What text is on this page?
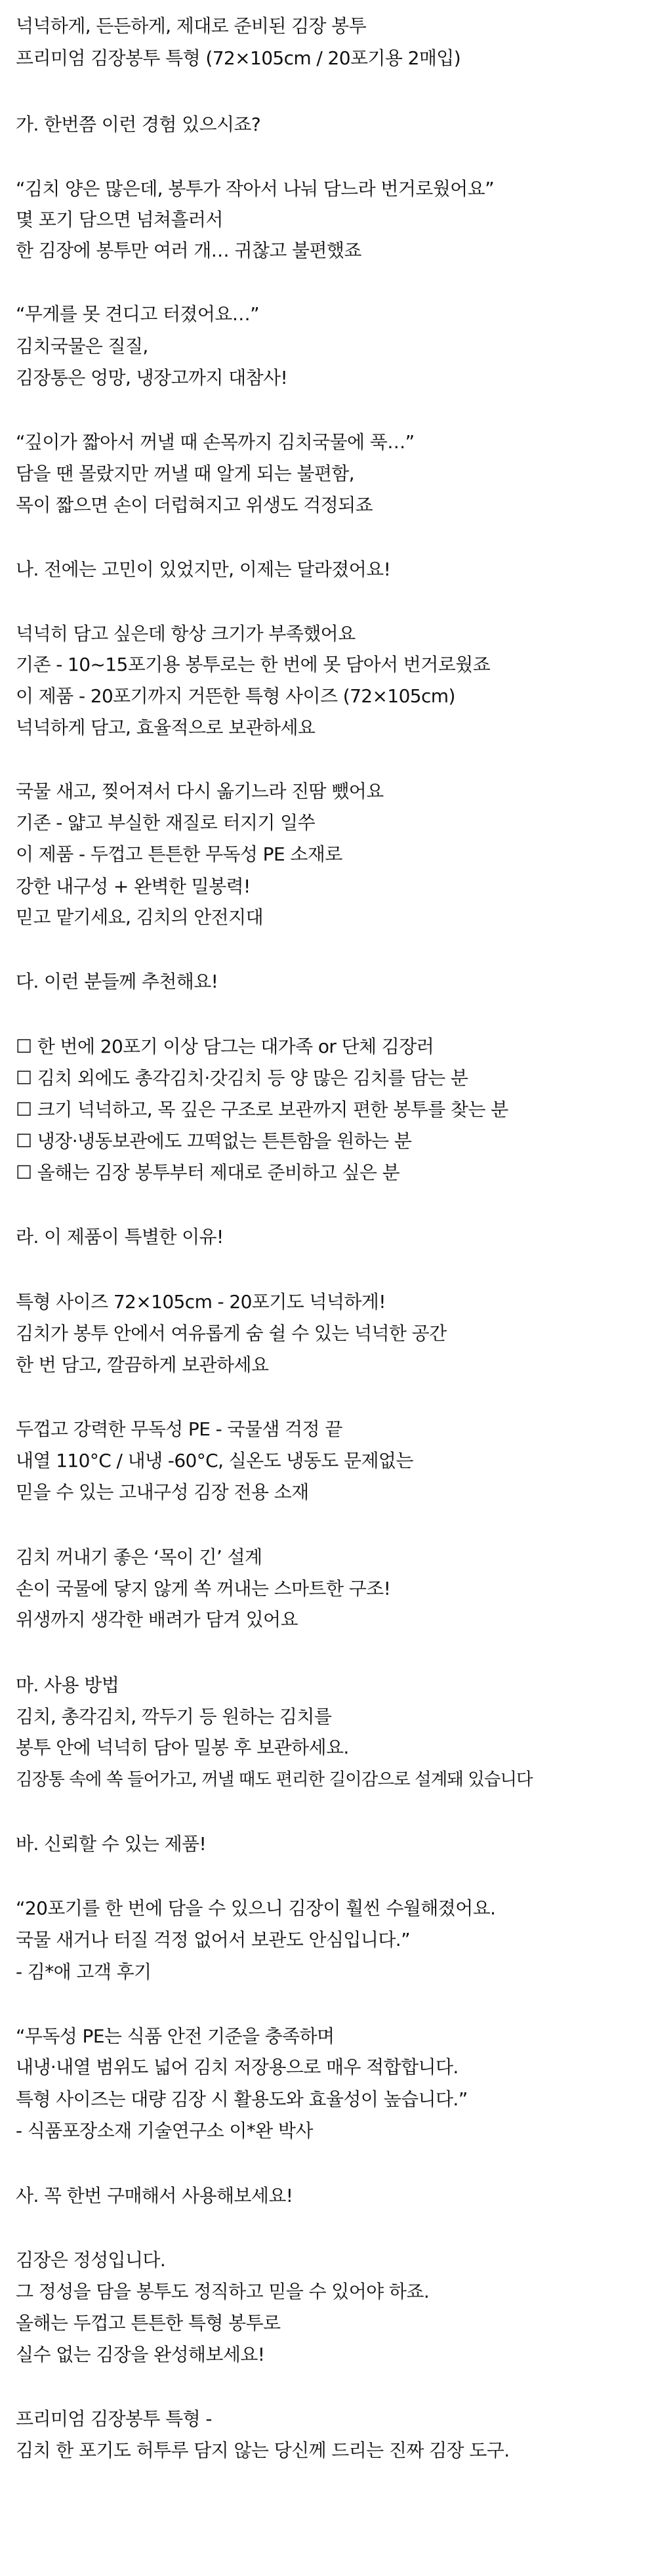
넉넉하게, 든든하게, 제대로 준비된 김장 봉투

프리미엄 김장봉투 특형 (72×105cm / 20포기용 2매입)

가. 한번쯤 이런 경험 있으시죠?

“김치 양은 많은데, 봉투가 작아서 나눠 담느라 번거로웠어요”

몇 포기 담으면 넘쳐흘러서

한 김장에 봉투만 여러 개… 귀찮고 불편했죠

“무게를 못 견디고 터졌어요…”

김치국물은 질질,

김장통은 엉망, 냉장고까지 대참사!

“깊이가 짧아서 꺼낼 때 손목까지 김치국물에 푹…”

담을 땐 몰랐지만 꺼낼 때 알게 되는 불편함,

목이 짧으면 손이 더럽혀지고 위생도 걱정되죠

나. 전에는 고민이 있었지만, 이제는 달라졌어요!

넉넉히 담고 싶은데 항상 크기가 부족했어요

기존 - 10~15포기용 봉투로는 한 번에 못 담아서 번거로웠죠

이 제품 - 20포기까지 거뜬한 특형 사이즈 (72×105cm)

넉넉하게 담고, 효율적으로 보관하세요

국물 새고, 찢어져서 다시 옮기느라 진땀 뺐어요

기존 - 얇고 부실한 재질로 터지기 일쑤

이 제품 - 두껍고 튼튼한 무독성 PE 소재로

강한 내구성 + 완벽한 밀봉력!

믿고 맡기세요, 김치의 안전지대

다. 이런 분들께 추천해요!

☐ 한 번에 20포기 이상 담그는 대가족 or 단체 김장러

☐ 김치 외에도 총각김치·갓김치 등 양 많은 김치를 담는 분

☐ 크기 넉넉하고, 목 깊은 구조로 보관까지 편한 봉투를 찾는 분

☐ 냉장·냉동보관에도 끄떡없는 튼튼함을 원하는 분

☐ 올해는 김장 봉투부터 제대로 준비하고 싶은 분

라. 이 제품이 특별한 이유!

특형 사이즈 72×105cm - 20포기도 넉넉하게!

김치가 봉투 안에서 여유롭게 숨 쉴 수 있는 넉넉한 공간

한 번 담고, 깔끔하게 보관하세요

두껍고 강력한 무독성 PE - 국물샘 걱정 끝

내열 110°C / 내냉 -60°C, 실온도 냉동도 문제없는

믿을 수 있는 고내구성 김장 전용 소재

김치 꺼내기 좋은 ‘목이 긴’ 설계

손이 국물에 닿지 않게 쏙 꺼내는 스마트한 구조!

위생까지 생각한 배려가 담겨 있어요

마. 사용 방법

김치, 총각김치, 깍두기 등 원하는 김치를

봉투 안에 넉넉히 담아 밀봉 후 보관하세요.

김장통 속에 쏙 들어가고, 꺼낼 때도 편리한 길이감으로 설계돼 있습니다

바. 신뢰할 수 있는 제품!

“20포기를 한 번에 담을 수 있으니 김장이 훨씬 수월해졌어요.

국물 새거나 터질 걱정 없어서 보관도 안심입니다.”

- 김*애 고객 후기

“무독성 PE는 식품 안전 기준을 충족하며

내냉·내열 범위도 넓어 김치 저장용으로 매우 적합합니다.

특형 사이즈는 대량 김장 시 활용도와 효율성이 높습니다.”

- 식품포장소재 기술연구소 이*완 박사

사. 꼭 한번 구매해서 사용해보세요!

김장은 정성입니다.

그 정성을 담을 봉투도 정직하고 믿을 수 있어야 하죠.

올해는 두껍고 튼튼한 특형 봉투로

실수 없는 김장을 완성해보세요!

프리미엄 김장봉투 특형 -

김치 한 포기도 허투루 담지 않는 당신께 드리는 진짜 김장 도구.
